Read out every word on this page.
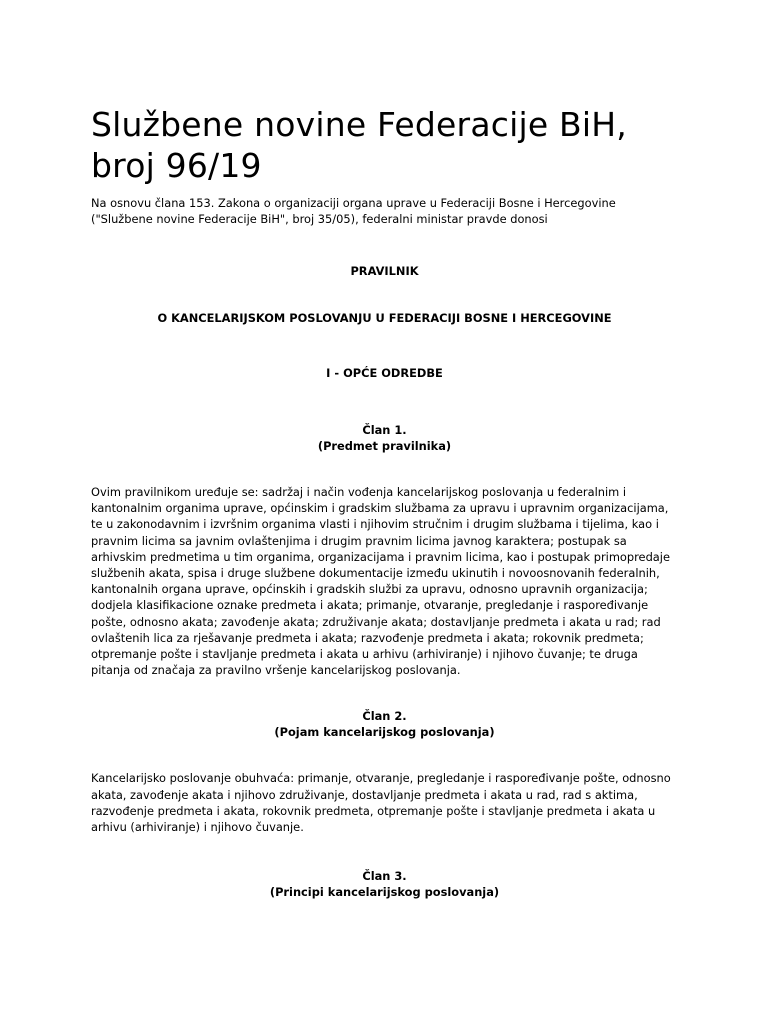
Službene novine Federacije BiH, broj 96/19

Na osnovu člana 153. Zakona o organizaciji organa uprave u Federaciji Bosne i Hercegovine ("Službene novine Federacije BiH", broj 35/05), federalni ministar pravde donosi

PRAVILNIK

O KANCELARIJSKOM POSLOVANJU U FEDERACIJI BOSNE I HERCEGOVINE

I - OPĆE ODREDBE

Član 1.
(Predmet pravilnika)

Ovim pravilnikom uređuje se: sadržaj i način vođenja kancelarijskog poslovanja u federalnim i kantonalnim organima uprave, općinskim i gradskim službama za upravu i upravnim organizacijama, te u zakonodavnim i izvršnim organima vlasti i njihovim stručnim i drugim službama i tijelima, kao i pravnim licima sa javnim ovlaštenjima i drugim pravnim licima javnog karaktera; postupak sa arhivskim predmetima u tim organima, organizacijama i pravnim licima, kao i postupak primopredaje službenih akata, spisa i druge službene dokumentacije između ukinutih i novoosnovanih federalnih, kantonalnih organa uprave, općinskih i gradskih službi za upravu, odnosno upravnih organizacija; dodjela klasifikacione oznake predmeta i akata; primanje, otvaranje, pregledanje i raspoređivanje pošte, odnosno akata; zavođenje akata; združivanje akata; dostavljanje predmeta i akata u rad; rad ovlaštenih lica za rješavanje predmeta i akata; razvođenje predmeta i akata; rokovnik predmeta; otpremanje pošte i stavljanje predmeta i akata u arhivu (arhiviranje) i njihovo čuvanje; te druga pitanja od značaja za pravilno vršenje kancelarijskog poslovanja.

Član 2.
(Pojam kancelarijskog poslovanja)

Kancelarijsko poslovanje obuhvaća: primanje, otvaranje, pregledanje i raspoređivanje pošte, odnosno akata, zavođenje akata i njihovo združivanje, dostavljanje predmeta i akata u rad, rad s aktima, razvođenje predmeta i akata, rokovnik predmeta, otpremanje pošte i stavljanje predmeta i akata u arhivu (arhiviranje) i njihovo čuvanje.

Član 3.
(Principi kancelarijskog poslovanja)
